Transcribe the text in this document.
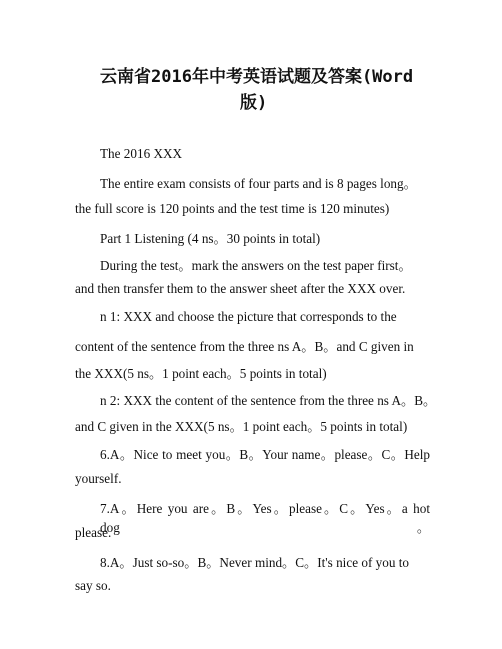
云南省2016年中考英语试题及答案(Word
版)
The 2016 XXX
The entire exam consists of four parts and is 8 pages long。
the full score is 120 points and the test time is 120 minutes)
Part 1 Listening (4 ns。30 points in total)
During the test。mark the answers on the test paper first。
and then transfer them to the answer sheet after the XXX over.
n 1: XXX and choose the picture that corresponds to the
content of the sentence from the three ns A。B。and C given in
the XXX(5 ns。1 point each。5 points in total)
n 2: XXX the content of the sentence from the three ns A。B。
and C given in the XXX(5 ns。1 point each。5 points in total)
6.A。Nice to meet you。B。Your name。please。C。Help
yourself.
7.A。Here you are。B。Yes。please。C。Yes。a hot dog。
please.
8.A。Just so-so。B。Never mind。C。It's nice of you to
say so.
